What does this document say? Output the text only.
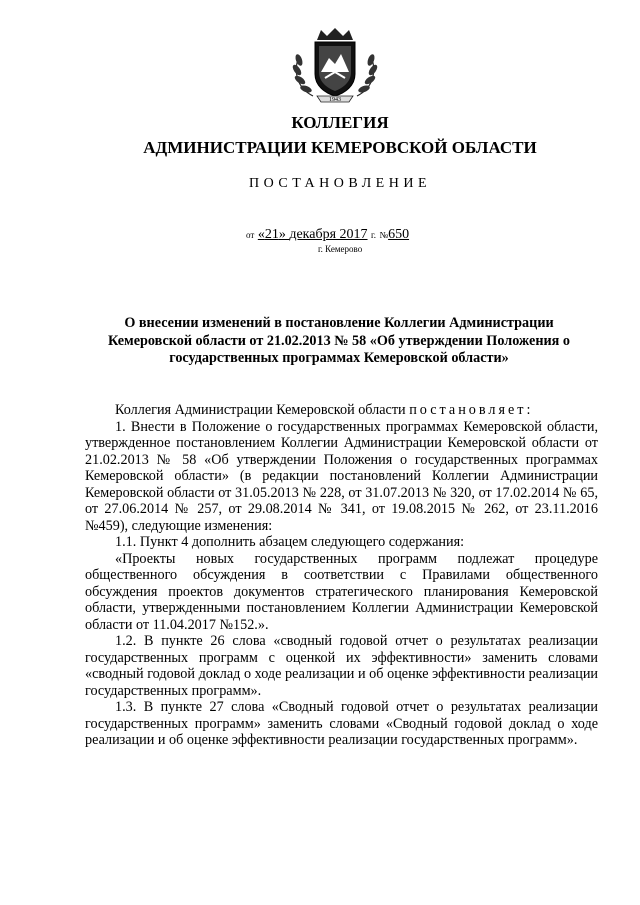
1943
КОЛЛЕГИЯ
АДМИНИСТРАЦИИ КЕМЕРОВСКОЙ ОБЛАСТИ
ПОСТАНОВЛЕНИЕ
от «21» декабря 2017 г. №650
г. Кемерово
О внесении изменений в постановление Коллегии Администрации Кемеровской области от 21.02.2013 № 58 «Об утверждении Положения о государственных программах Кемеровской области»

Коллегия Администрации Кемеровской области постановляет:

1. Внести в Положение о государственных программах Кемеровской области, утвержденное постановлением Коллегии Администрации Кемеровской области от 21.02.2013 № 58 «Об утверждении Положения о государственных программах Кемеровской области» (в редакции постановлений Коллегии Администрации Кемеровской области от 31.05.2013 № 228, от 31.07.2013 № 320, от 17.02.2014 № 65, от 27.06.2014 № 257, от 29.08.2014 № 341, от 19.08.2015 № 262, от 23.11.2016 №459), следующие изменения:

1.1. Пункт 4 дополнить абзацем следующего содержания:

«Проекты новых государственных программ подлежат процедуре общественного обсуждения в соответствии с Правилами общественного обсуждения проектов документов стратегического планирования Кемеровской области, утвержденными постановлением Коллегии Администрации Кемеровской области от 11.04.2017 №152.».

1.2. В пункте 26 слова «сводный годовой отчет о результатах реализации государственных программ с оценкой их эффективности» заменить словами «сводный годовой доклад о ходе реализации и об оценке эффективности реализации государственных программ».

1.3. В пункте 27 слова «Сводный годовой отчет о результатах реализации государственных программ» заменить словами «Сводный годовой доклад о ходе реализации и об оценке эффективности реализации государственных программ».
